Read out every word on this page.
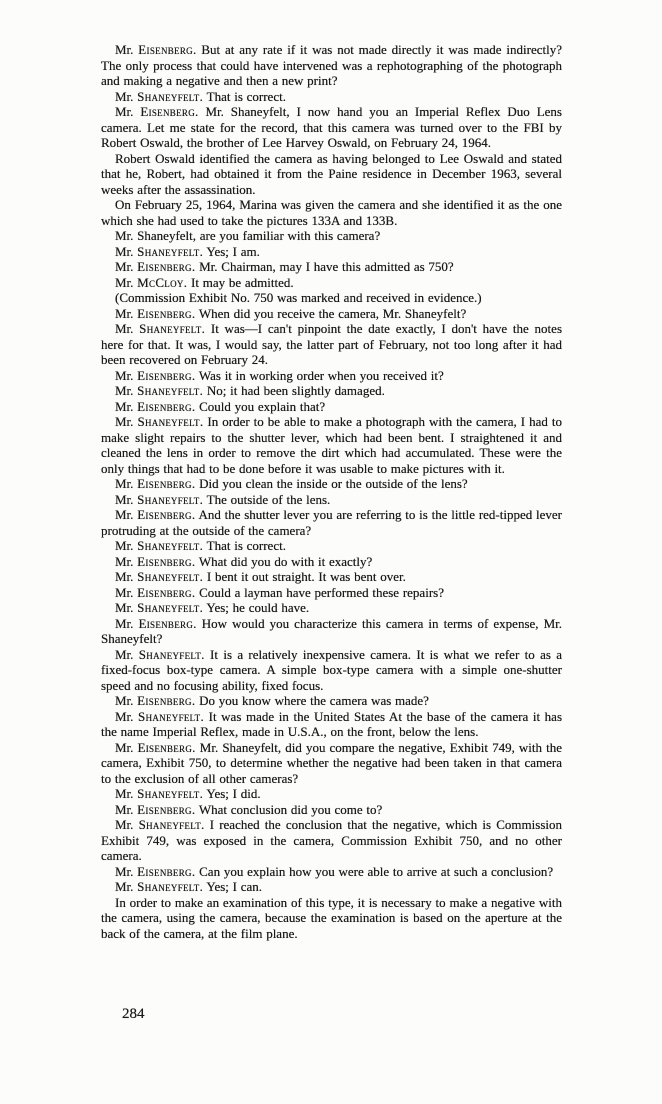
Mr. Eisenberg. But at any rate if it was not made directly it was made indirectly? The only process that could have intervened was a rephotographing of the photograph and making a negative and then a new print?

Mr. Shaneyfelt. That is correct.

Mr. Eisenberg. Mr. Shaneyfelt, I now hand you an Imperial Reflex Duo Lens camera. Let me state for the record, that this camera was turned over to the FBI by Robert Oswald, the brother of Lee Harvey Oswald, on February 24, 1964.

Robert Oswald identified the camera as having belonged to Lee Oswald and stated that he, Robert, had obtained it from the Paine residence in December 1963, several weeks after the assassination.

On February 25, 1964, Marina was given the camera and she identified it as the one which she had used to take the pictures 133A and 133B.

Mr. Shaneyfelt, are you familiar with this camera?

Mr. Shaneyfelt. Yes; I am.

Mr. Eisenberg. Mr. Chairman, may I have this admitted as 750?

Mr. McCloy. It may be admitted.

(Commission Exhibit No. 750 was marked and received in evidence.)

Mr. Eisenberg. When did you receive the camera, Mr. Shaneyfelt?

Mr. Shaneyfelt. It was—I can't pinpoint the date exactly, I don't have the notes here for that. It was, I would say, the latter part of February, not too long after it had been recovered on February 24.

Mr. Eisenberg. Was it in working order when you received it?

Mr. Shaneyfelt. No; it had been slightly damaged.

Mr. Eisenberg. Could you explain that?

Mr. Shaneyfelt. In order to be able to make a photograph with the camera, I had to make slight repairs to the shutter lever, which had been bent. I straightened it and cleaned the lens in order to remove the dirt which had accumulated. These were the only things that had to be done before it was usable to make pictures with it.

Mr. Eisenberg. Did you clean the inside or the outside of the lens?

Mr. Shaneyfelt. The outside of the lens.

Mr. Eisenberg. And the shutter lever you are referring to is the little red-tipped lever protruding at the outside of the camera?

Mr. Shaneyfelt. That is correct.

Mr. Eisenberg. What did you do with it exactly?

Mr. Shaneyfelt. I bent it out straight. It was bent over.

Mr. Eisenberg. Could a layman have performed these repairs?

Mr. Shaneyfelt. Yes; he could have.

Mr. Eisenberg. How would you characterize this camera in terms of expense, Mr. Shaneyfelt?

Mr. Shaneyfelt. It is a relatively inexpensive camera. It is what we refer to as a fixed-focus box-type camera. A simple box-type camera with a simple one-shutter speed and no focusing ability, fixed focus.

Mr. Eisenberg. Do you know where the camera was made?

Mr. Shaneyfelt. It was made in the United States At the base of the camera it has the name Imperial Reflex, made in U.S.A., on the front, below the lens.

Mr. Eisenberg. Mr. Shaneyfelt, did you compare the negative, Exhibit 749, with the camera, Exhibit 750, to determine whether the negative had been taken in that camera to the exclusion of all other cameras?

Mr. Shaneyfelt. Yes; I did.

Mr. Eisenberg. What conclusion did you come to?

Mr. Shaneyfelt. I reached the conclusion that the negative, which is Commission Exhibit 749, was exposed in the camera, Commission Exhibit 750, and no other camera.

Mr. Eisenberg. Can you explain how you were able to arrive at such a conclusion?

Mr. Shaneyfelt. Yes; I can.

In order to make an examination of this type, it is necessary to make a negative with the camera, using the camera, because the examination is based on the aperture at the back of the camera, at the film plane.

284
